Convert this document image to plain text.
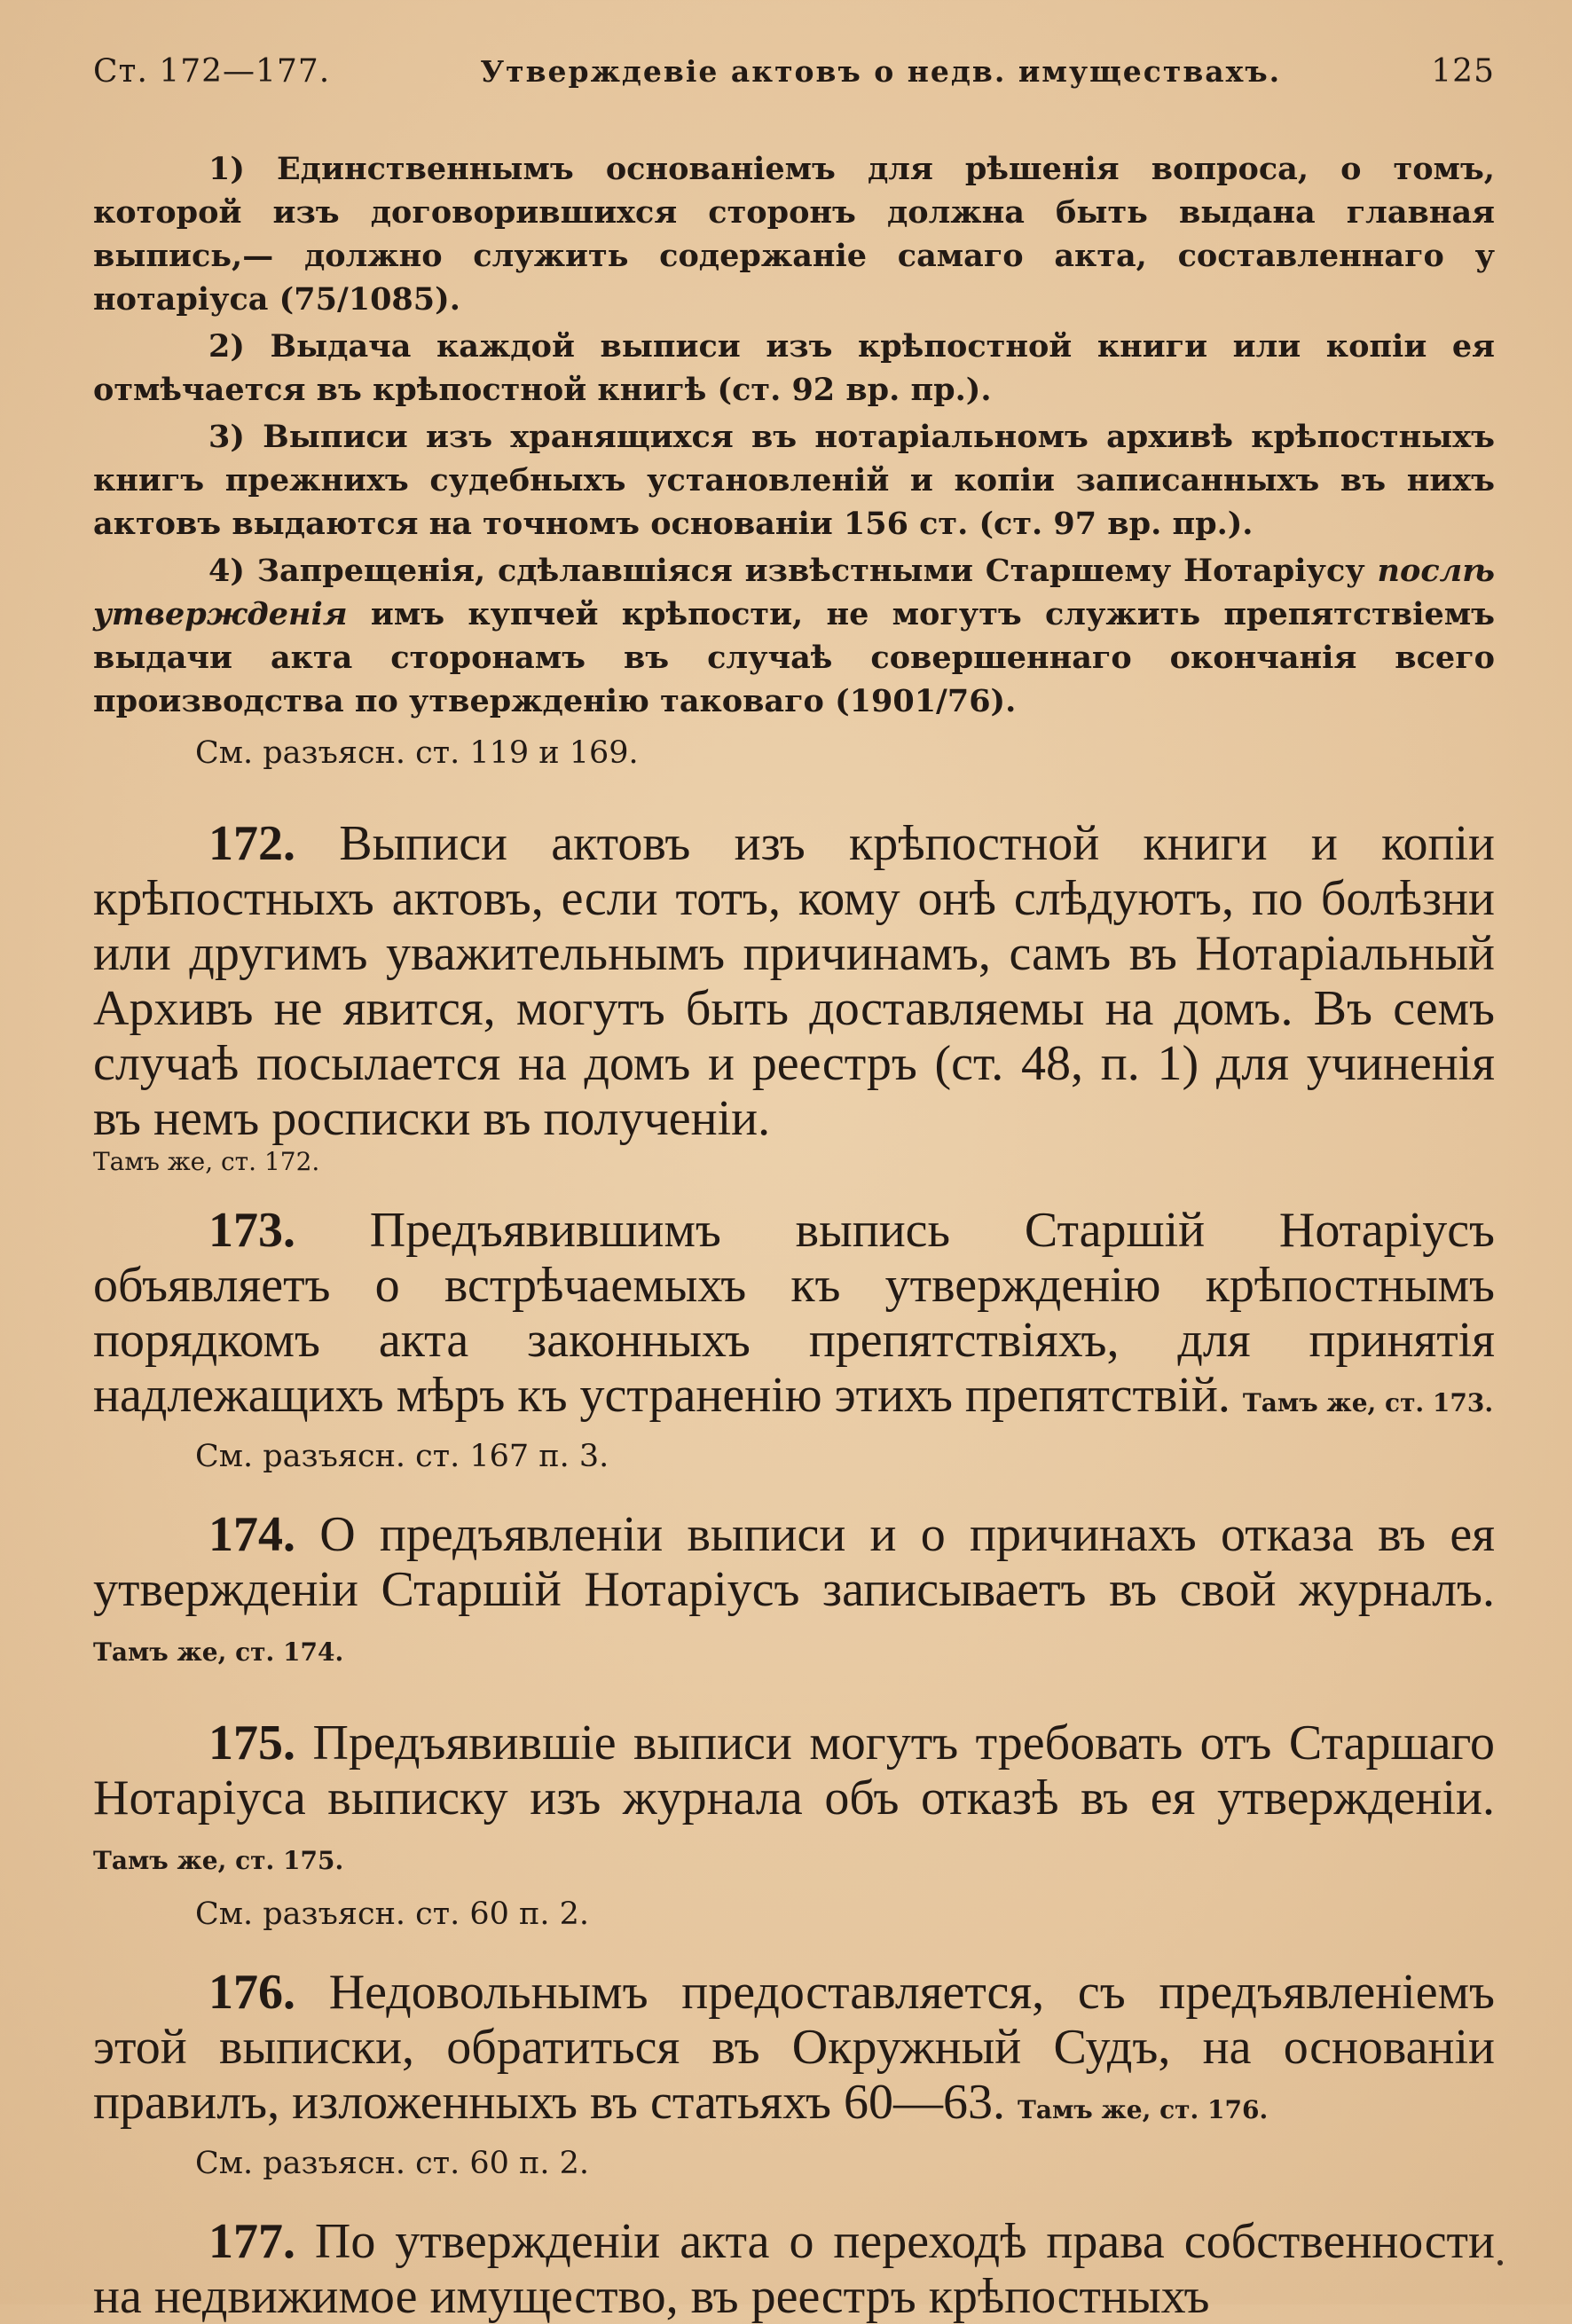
Ст. 172—177.	Утверждевіе актовъ о недв. имуществахъ.	125

1) Единственнымъ основаніемъ для рѣшенія вопроса, о томъ, которой изъ договорившихся сторонъ должна быть выдана главная выпись,— должно служить содержаніе самаго акта, составленнаго у нотаріуса (75/1085).

2) Выдача каждой выписи изъ крѣпостной книги или копіи ея отмѣчается въ крѣпостной книгѣ (ст. 92 вр. пр.).

3) Выписи изъ хранящихся въ нотаріальномъ архивѣ крѣпостныхъ книгъ прежнихъ судебныхъ установленій и копіи записанныхъ въ нихъ актовъ выдаются на точномъ основаніи 156 ст. (ст. 97 вр. пр.).

4) Запрещенія, сдѣлавшіяся извѣстными Старшему Нотаріусу послѣ утвержденія имъ купчей крѣпости, не могутъ служить препятствіемъ выдачи акта сторонамъ въ случаѣ совершеннаго окончанія всего производства по утвержденію таковаго (1901/76).

См. разъясн. ст. 119 и 169.

172. Выписи актовъ изъ крѣпостной книги и копіи крѣпостныхъ актовъ, если тотъ, кому онѣ слѣдуютъ, по болѣзни или другимъ уважительнымъ причинамъ, самъ въ Нотаріальный Архивъ не явится, могутъ быть доставляемы на домъ. Въ семъ случаѣ посылается на домъ и реестръ (ст. 48, п. 1) для учиненія въ немъ росписки въ полученіи.

Тамъ же, ст. 172.

173. Предъявившимъ выпись Старшій Нотаріусъ объявляетъ о встрѣчаемыхъ къ утвержденію крѣпостнымъ порядкомъ акта законныхъ препятствіяхъ, для принятія надлежащихъ мѣръ къ устраненію этихъ препятствій. Тамъ же, ст. 173.

См. разъясн. ст. 167 п. 3.

174. О предъявленіи выписи и о причинахъ отказа въ ея утвержденіи Старшій Нотаріусъ записываетъ въ свой журналъ. Тамъ же, ст. 174.

175. Предъявившіе выписи могутъ требовать отъ Старшаго Нотаріуса выписку изъ журнала объ отказѣ въ ея утвержденіи. Тамъ же, ст. 175.

См. разъясн. ст. 60 п. 2.

176. Недовольнымъ предоставляется, съ предъявленіемъ этой выписки, обратиться въ Окружный Судъ, на основаніи правилъ, изложенныхъ въ статьяхъ 60—63. Тамъ же, ст. 176.

См. разъясн. ст. 60 п. 2.

177. По утвержденіи акта о переходѣ права собственности на недвижимое имущество, въ реестръ крѣпостныхъ
